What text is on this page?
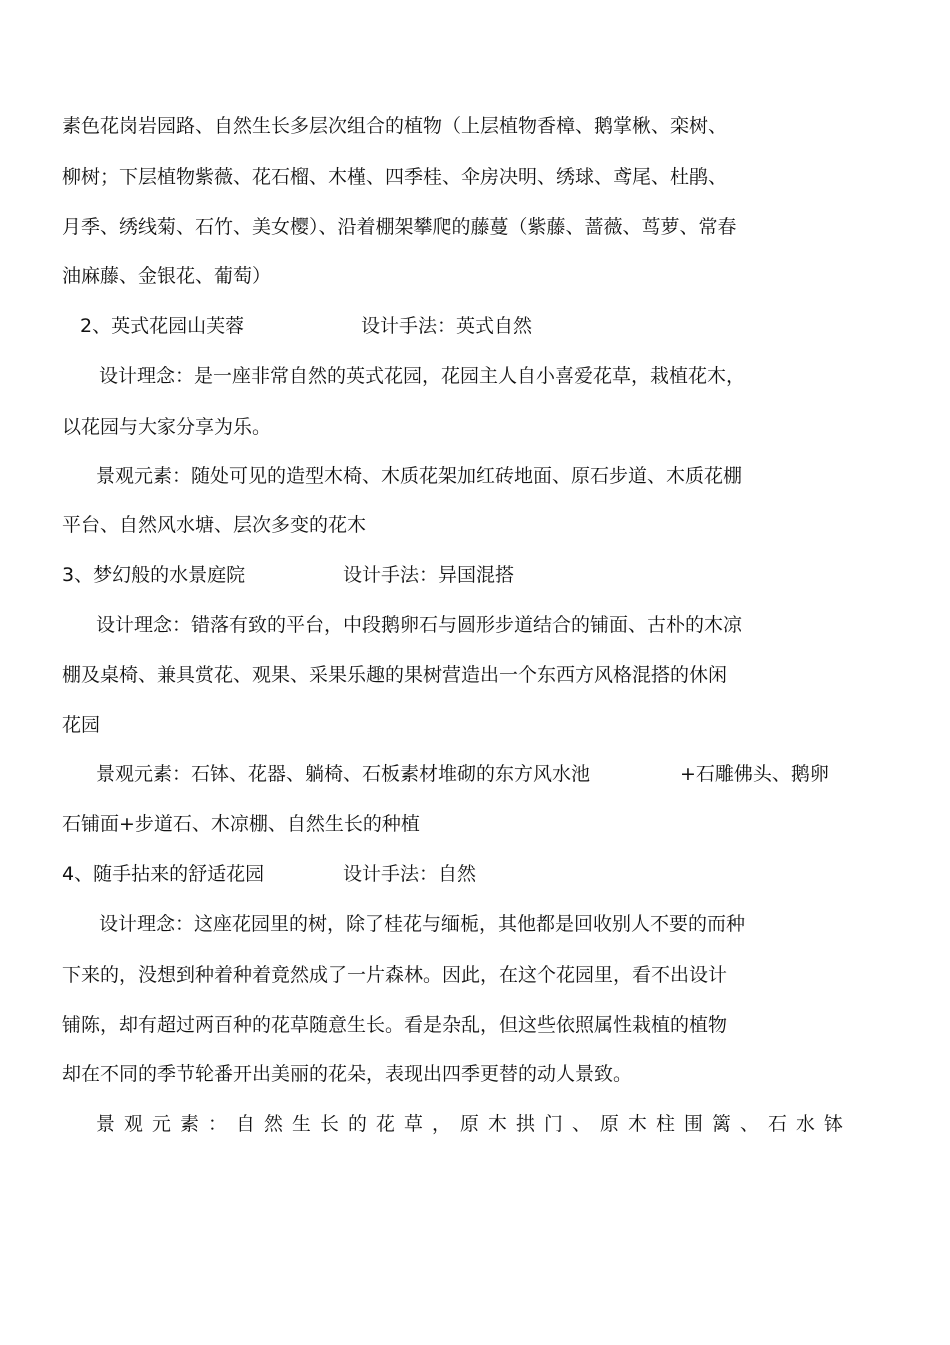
素色花岗岩园路、自然生长多层次组合的植物（上层植物香樟、鹅掌楸、栾树、
柳树；下层植物紫薇、花石榴、木槿、四季桂、伞房决明、绣球、鸢尾、杜鹃、
月季、绣线菊、石竹、美女樱）、沿着棚架攀爬的藤蔓（紫藤、蔷薇、茑萝、常春
油麻藤、金银花、葡萄）
2、英式花园山芙蓉	设计手法：英式自然
设计理念：是一座非常自然的英式花园，花园主人自小喜爱花草，栽植花木，
以花园与大家分享为乐。
景观元素：随处可见的造型木椅、木质花架加红砖地面、原石步道、木质花棚
平台、自然风水塘、层次多变的花木
3、梦幻般的水景庭院	设计手法：异国混搭
设计理念：错落有致的平台，中段鹅卵石与圆形步道结合的铺面、古朴的木凉
棚及桌椅、兼具赏花、观果、采果乐趣的果树营造出一个东西方风格混搭的休闲
花园
景观元素：石钵、花器、躺椅、石板素材堆砌的东方风水池	+石雕佛头、鹅卵
石铺面+步道石、木凉棚、自然生长的种植
4、随手拈来的舒适花园	设计手法：自然
设计理念：这座花园里的树，除了桂花与缅栀，其他都是回收别人不要的而种
下来的，没想到种着种着竟然成了一片森林。因此，在这个花园里，看不出设计
铺陈，却有超过两百种的花草随意生长。看是杂乱，但这些依照属性栽植的植物
却在不同的季节轮番开出美丽的花朵，表现出四季更替的动人景致。
景观元素：自然生长的花草，原木拱门、原木柱围篱、石水钵
